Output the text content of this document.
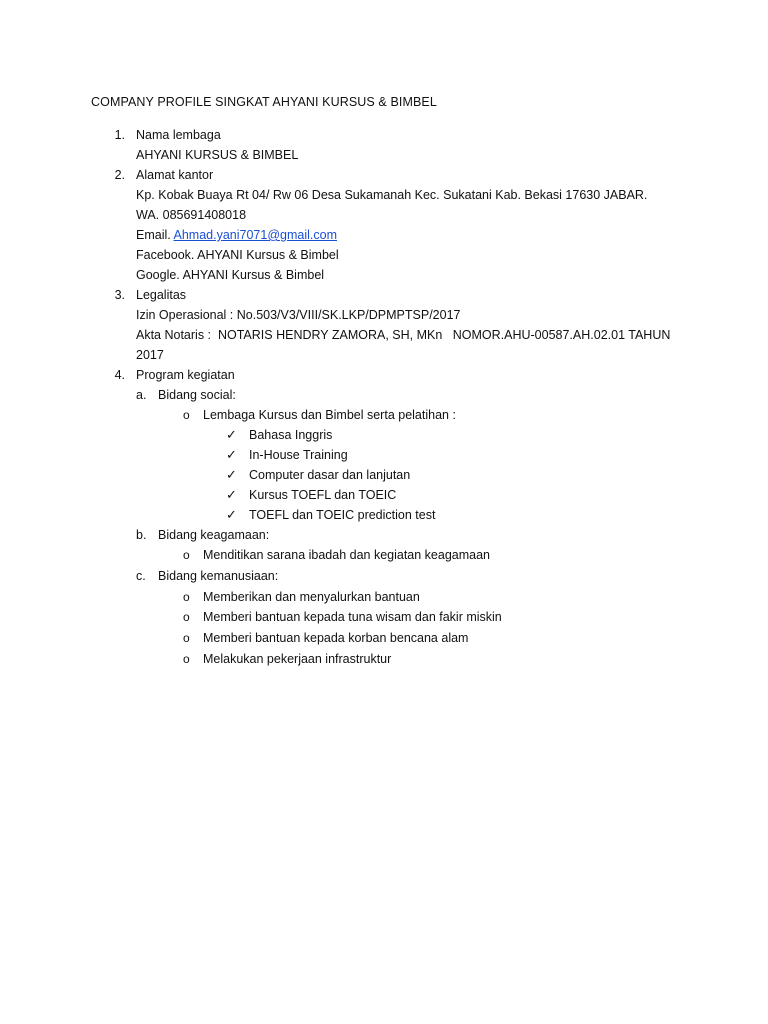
COMPANY PROFILE SINGKAT AHYANI KURSUS & BIMBEL
1. Nama lembaga
AHYANI KURSUS & BIMBEL
2. Alamat kantor
Kp. Kobak Buaya Rt 04/ Rw 06 Desa Sukamanah Kec. Sukatani Kab. Bekasi 17630 JABAR.
WA. 085691408018
Email. Ahmad.yani7071@gmail.com
Facebook. AHYANI Kursus & Bimbel
Google. AHYANI Kursus & Bimbel
3. Legalitas
Izin Operasional : No.503/V3/VIII/SK.LKP/DPMPTSP/2017
Akta Notaris :  NOTARIS HENDRY ZAMORA, SH, MKn   NOMOR.AHU-00587.AH.02.01 TAHUN
2017
4. Program kegiatan
a. Bidang social:
o Lembaga Kursus dan Bimbel serta pelatihan :
✓ Bahasa Inggris
✓ In-House Training
✓ Computer dasar dan lanjutan
✓ Kursus TOEFL dan TOEIC
✓ TOEFL dan TOEIC prediction test
b. Bidang keagamaan:
o Menditikan sarana ibadah dan kegiatan keagamaan
c. Bidang kemanusiaan:
o Memberikan dan menyalurkan bantuan
o Memberi bantuan kepada tuna wisam dan fakir miskin
o Memberi bantuan kepada korban bencana alam
o Melakukan pekerjaan infrastruktur
